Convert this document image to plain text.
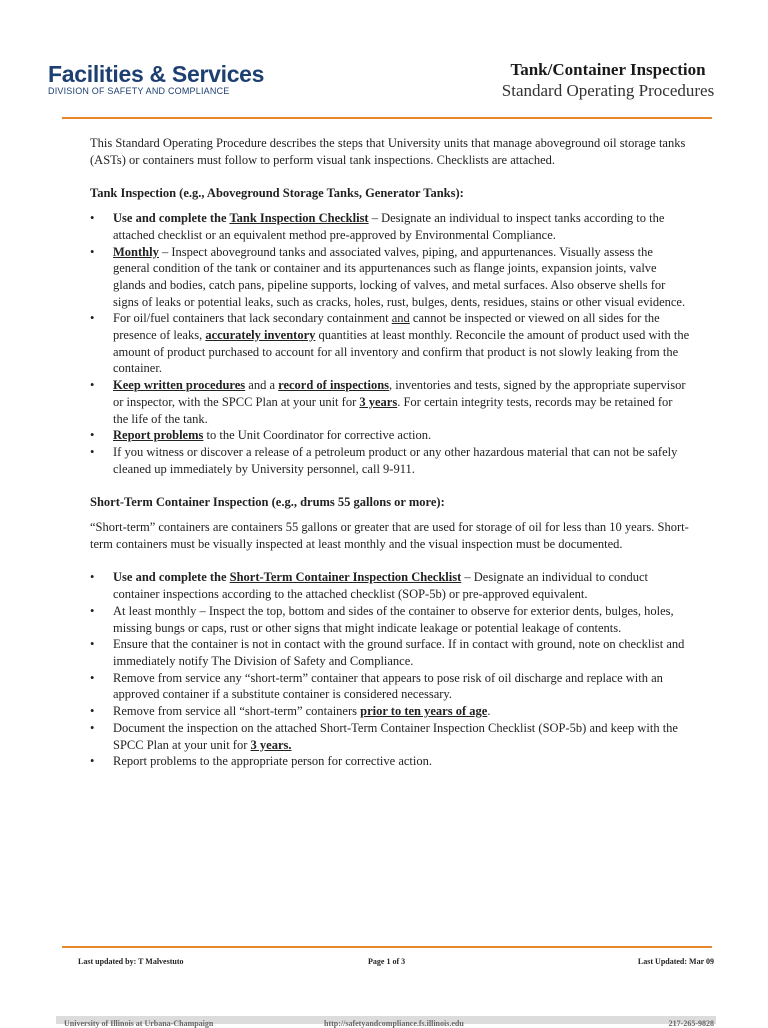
Facilities & Services
DIVISION OF SAFETY AND COMPLIANCE
Tank/Container Inspection
Standard Operating Procedures

This Standard Operating Procedure describes the steps that University units that manage aboveground oil storage tanks (ASTs) or containers must follow to perform visual tank inspections. Checklists are attached.

Tank Inspection (e.g., Aboveground Storage Tanks, Generator Tanks):

• Use and complete the Tank Inspection Checklist – Designate an individual to inspect tanks according to the attached checklist or an equivalent method pre-approved by Environmental Compliance.
• Monthly – Inspect aboveground tanks and associated valves, piping, and appurtenances. Visually assess the general condition of the tank or container and its appurtenances such as flange joints, expansion joints, valve glands and bodies, catch pans, pipeline supports, locking of valves, and metal surfaces. Also observe shells for signs of leaks or potential leaks, such as cracks, holes, rust, bulges, dents, residues, stains or other visual evidence.
• For oil/fuel containers that lack secondary containment and cannot be inspected or viewed on all sides for the presence of leaks, accurately inventory quantities at least monthly. Reconcile the amount of product used with the amount of product purchased to account for all inventory and confirm that product is not slowly leaking from the container.
• Keep written procedures and a record of inspections, inventories and tests, signed by the appropriate supervisor or inspector, with the SPCC Plan at your unit for 3 years. For certain integrity tests, records may be retained for the life of the tank.
• Report problems to the Unit Coordinator for corrective action.
• If you witness or discover a release of a petroleum product or any other hazardous material that can not be safely cleaned up immediately by University personnel, call 9-911.

Short-Term Container Inspection (e.g., drums 55 gallons or more):

“Short-term” containers are containers 55 gallons or greater that are used for storage of oil for less than 10 years. Short-term containers must be visually inspected at least monthly and the visual inspection must be documented.

• Use and complete the Short-Term Container Inspection Checklist – Designate an individual to conduct container inspections according to the attached checklist (SOP-5b) or pre-approved equivalent.
• At least monthly – Inspect the top, bottom and sides of the container to observe for exterior dents, bulges, holes, missing bungs or caps, rust or other signs that might indicate leakage or potential leakage of contents.
• Ensure that the container is not in contact with the ground surface. If in contact with ground, note on checklist and immediately notify The Division of Safety and Compliance.
• Remove from service any “short-term” container that appears to pose risk of oil discharge and replace with an approved container if a substitute container is considered necessary.
• Remove from service all “short-term” containers prior to ten years of age.
• Document the inspection on the attached Short-Term Container Inspection Checklist (SOP-5b) and keep with the SPCC Plan at your unit for 3 years.
• Report problems to the appropriate person for corrective action.
Last updated by: T Malvestuto	Page 1 of 3	Last Updated: Mar 09
University of Illinois at Urbana-Champaign	http://safetyandcompliance.fs.illinois.edu	217-265-9828
